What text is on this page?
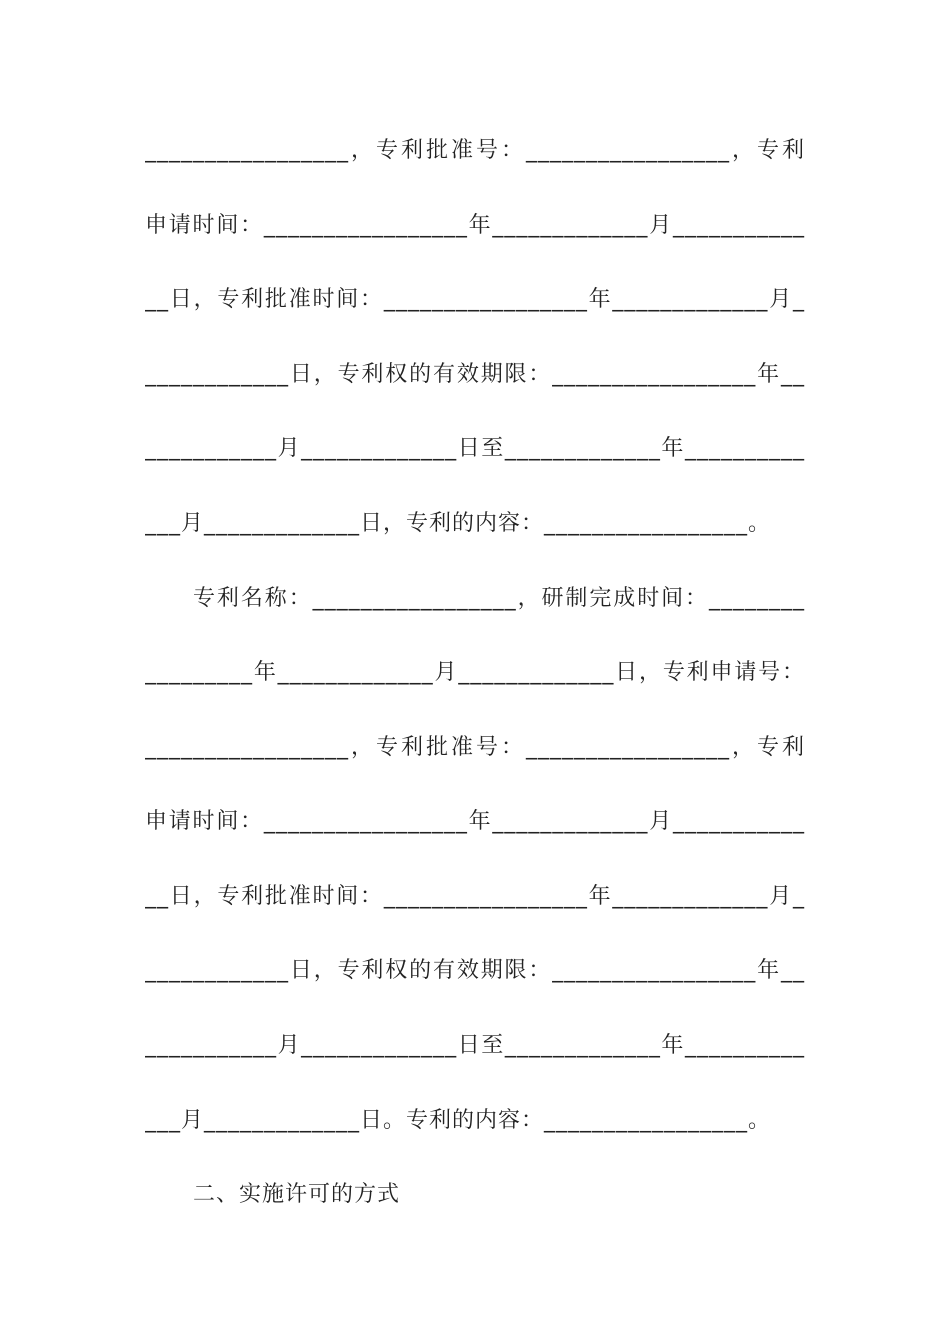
_________________，专利批准号：_________________，专利
申请时间：_________________年_____________月___________
__日，专利批准时间：_________________年_____________月_
____________日，专利权的有效期限：_________________年__
___________月_____________日至_____________年__________
___月_____________日，专利的内容：_________________。
专利名称：_________________，研制完成时间：________
_________年_____________月_____________日，专利申请号：
_________________，专利批准号：_________________，专利
申请时间：_________________年_____________月___________
__日，专利批准时间：_________________年_____________月_
____________日，专利权的有效期限：_________________年__
___________月_____________日至_____________年__________
___月_____________日。专利的内容：_________________。
二、实施许可的方式
